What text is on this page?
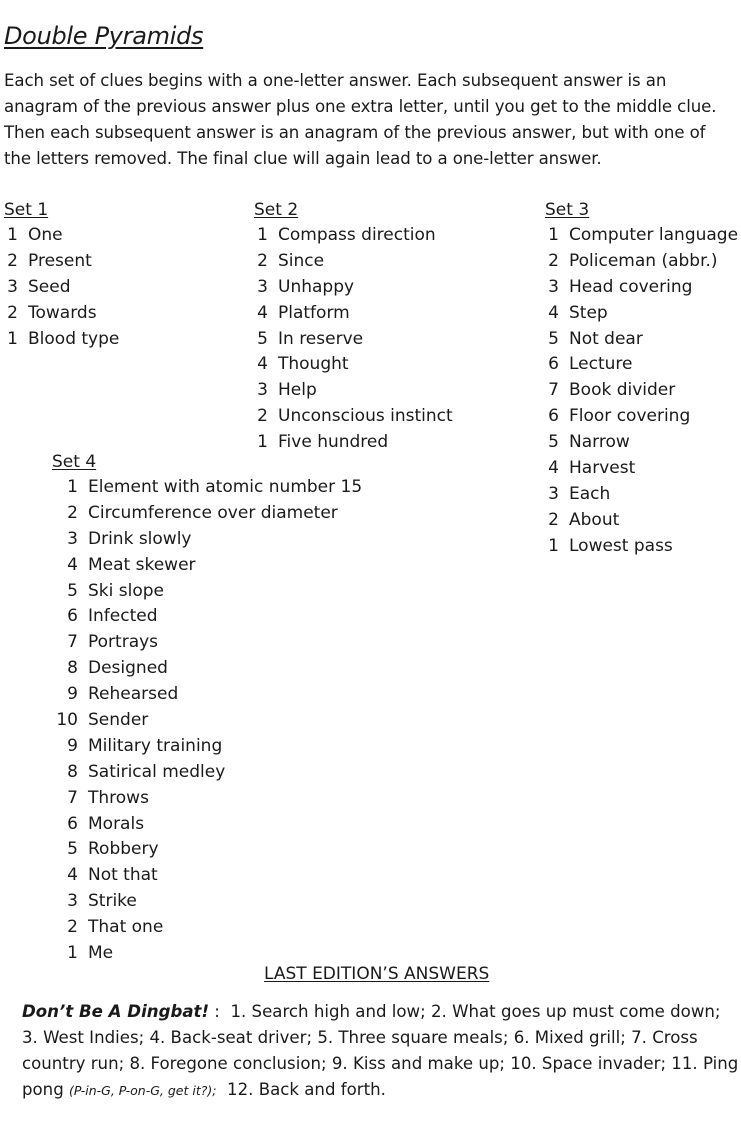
Double Pyramids
Each set of clues begins with a one-letter answer. Each subsequent answer is an
anagram of the previous answer plus one extra letter, until you get to the middle clue.
Then each subsequent answer is an anagram of the previous answer, but with one of
the letters removed. The final clue will again lead to a one-letter answer.
Set 1
1 One
2 Present
3 Seed
2 Towards
1 Blood type
Set 2
1 Compass direction
2 Since
3 Unhappy
4 Platform
5 In reserve
4 Thought
3 Help
2 Unconscious instinct
1 Five hundred
Set 3
1 Computer language
2 Policeman (abbr.)
3 Head covering
4 Step
5 Not dear
6 Lecture
7 Book divider
6 Floor covering
5 Narrow
4 Harvest
3 Each
2 About
1 Lowest pass
Set 4
1 Element with atomic number 15
2 Circumference over diameter
3 Drink slowly
4 Meat skewer
5 Ski slope
6 Infected
7 Portrays
8 Designed
9 Rehearsed
10 Sender
9 Military training
8 Satirical medley
7 Throws
6 Morals
5 Robbery
4 Not that
3 Strike
2 That one
1 Me
LAST EDITION’S ANSWERS
Don’t Be A Dingbat! :  1. Search high and low; 2. What goes up must come down;
3. West Indies; 4. Back-seat driver; 5. Three square meals; 6. Mixed grill; 7. Cross
country run; 8. Foregone conclusion; 9. Kiss and make up; 10. Space invader; 11. Ping
pong (P-in-G, P-on-G, get it?);  12. Back and forth.
